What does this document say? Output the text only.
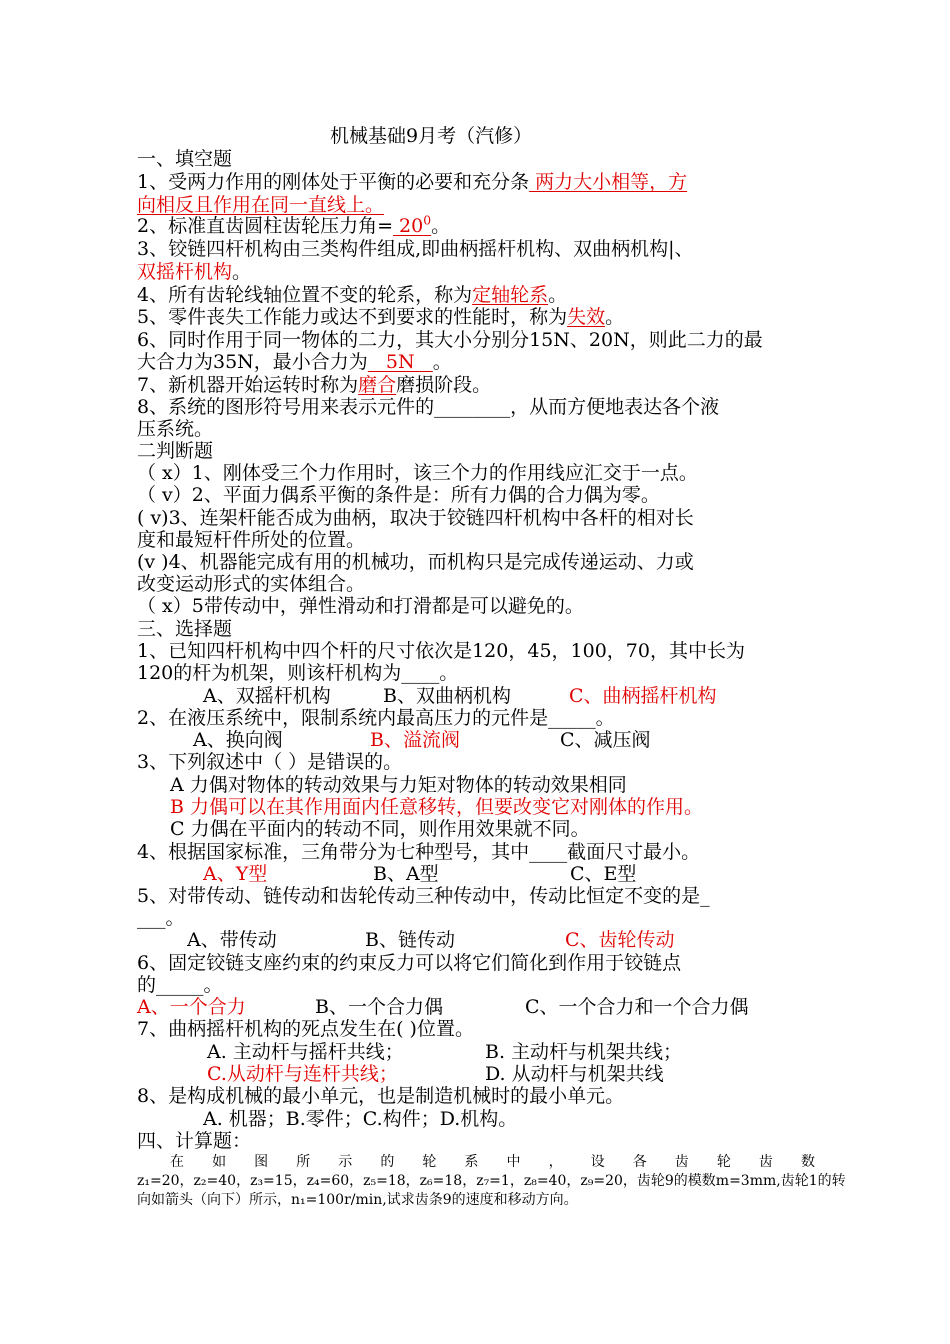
机械基础9月考（汽修）
一、填空题
1、受两力作用的刚体处于平衡的必要和充分条 两力大小相等，方
向相反且作用在同一直线上。
2、标准直齿圆柱齿轮压力角= $20^0$。
3、铰链四杆机构由三类构件组成,即曲柄摇杆机构、双曲柄机构|、
双摇杆机构。
4、所有齿轮线轴位置不变的轮系，称为定轴轮系。
5、零件丧失工作能力或达不到要求的性能时，称为失效。
6、同时作用于同一物体的二力，其大小分别分15N、20N，则此二力的最
大合力为35N，最小合力为   5N   。
7、新机器开始运转时称为磨合磨损阶段。
8、系统的图形符号用来表示元件的________，从而方便地表达各个液
压系统。
二判断题
（ x）1、刚体受三个力作用时，该三个力的作用线应汇交于一点。
（ v）2、平面力偶系平衡的条件是：所有力偶的合力偶为零。
( v)3、连架杆能否成为曲柄，取决于铰链四杆机构中各杆的相对长
度和最短杆件所处的位置。
(v )4、机器能完成有用的机械功，而机构只是完成传递运动、力或
改变运动形式的实体组合。
（ x）5带传动中，弹性滑动和打滑都是可以避免的。
三、选择题
1、已知四杆机构中四个杆的尺寸依次是120，45，100，70，其中长为
120的杆为机架，则该杆机构为____。
A、双摇杆机构	B、双曲柄机构	C、曲柄摇杆机构
2、在液压系统中，限制系统内最高压力的元件是_____。
A、换向阀	B、溢流阀	C、减压阀
3、下列叙述中（ ）是错误的。
A 力偶对物体的转动效果与力矩对物体的转动效果相同
B 力偶可以在其作用面内任意移转，但要改变它对刚体的作用。
C 力偶在平面内的转动不同，则作用效果就不同。
4、根据国家标准，三角带分为七种型号，其中____截面尺寸最小。
A、Y型	B、A型	C、E型
5、对带传动、链传动和齿轮传动三种传动中，传动比恒定不变的是_
___。
A、带传动	B、链传动	C、齿轮传动
6、固定铰链支座约束的约束反力可以将它们简化到作用于铰链点
的_____。
A、一个合力	B、一个合力偶	C、一个合力和一个合力偶
7、曲柄摇杆机构的死点发生在( )位置。
A. 主动杆与摇杆共线；	B. 主动杆与机架共线；
C.从动杆与连杆共线；	D. 从动杆与机架共线
8、是构成机械的最小单元，也是制造机械时的最小单元。
A. 机器；B.零件；C.构件；D.机构。
四、计算题：
在 如 图 所 示 的 轮 系 中 ， 设 各 齿 轮 齿 数
z₁=20，z₂=40，z₃=15，z₄=60，z₅=18，z₆=18，z₇=1，z₈=40，z₉=20，齿轮9的模数m=3mm,齿轮1的转
向如箭头（向下）所示，n₁=100r/min,试求齿条9的速度和移动方向。
